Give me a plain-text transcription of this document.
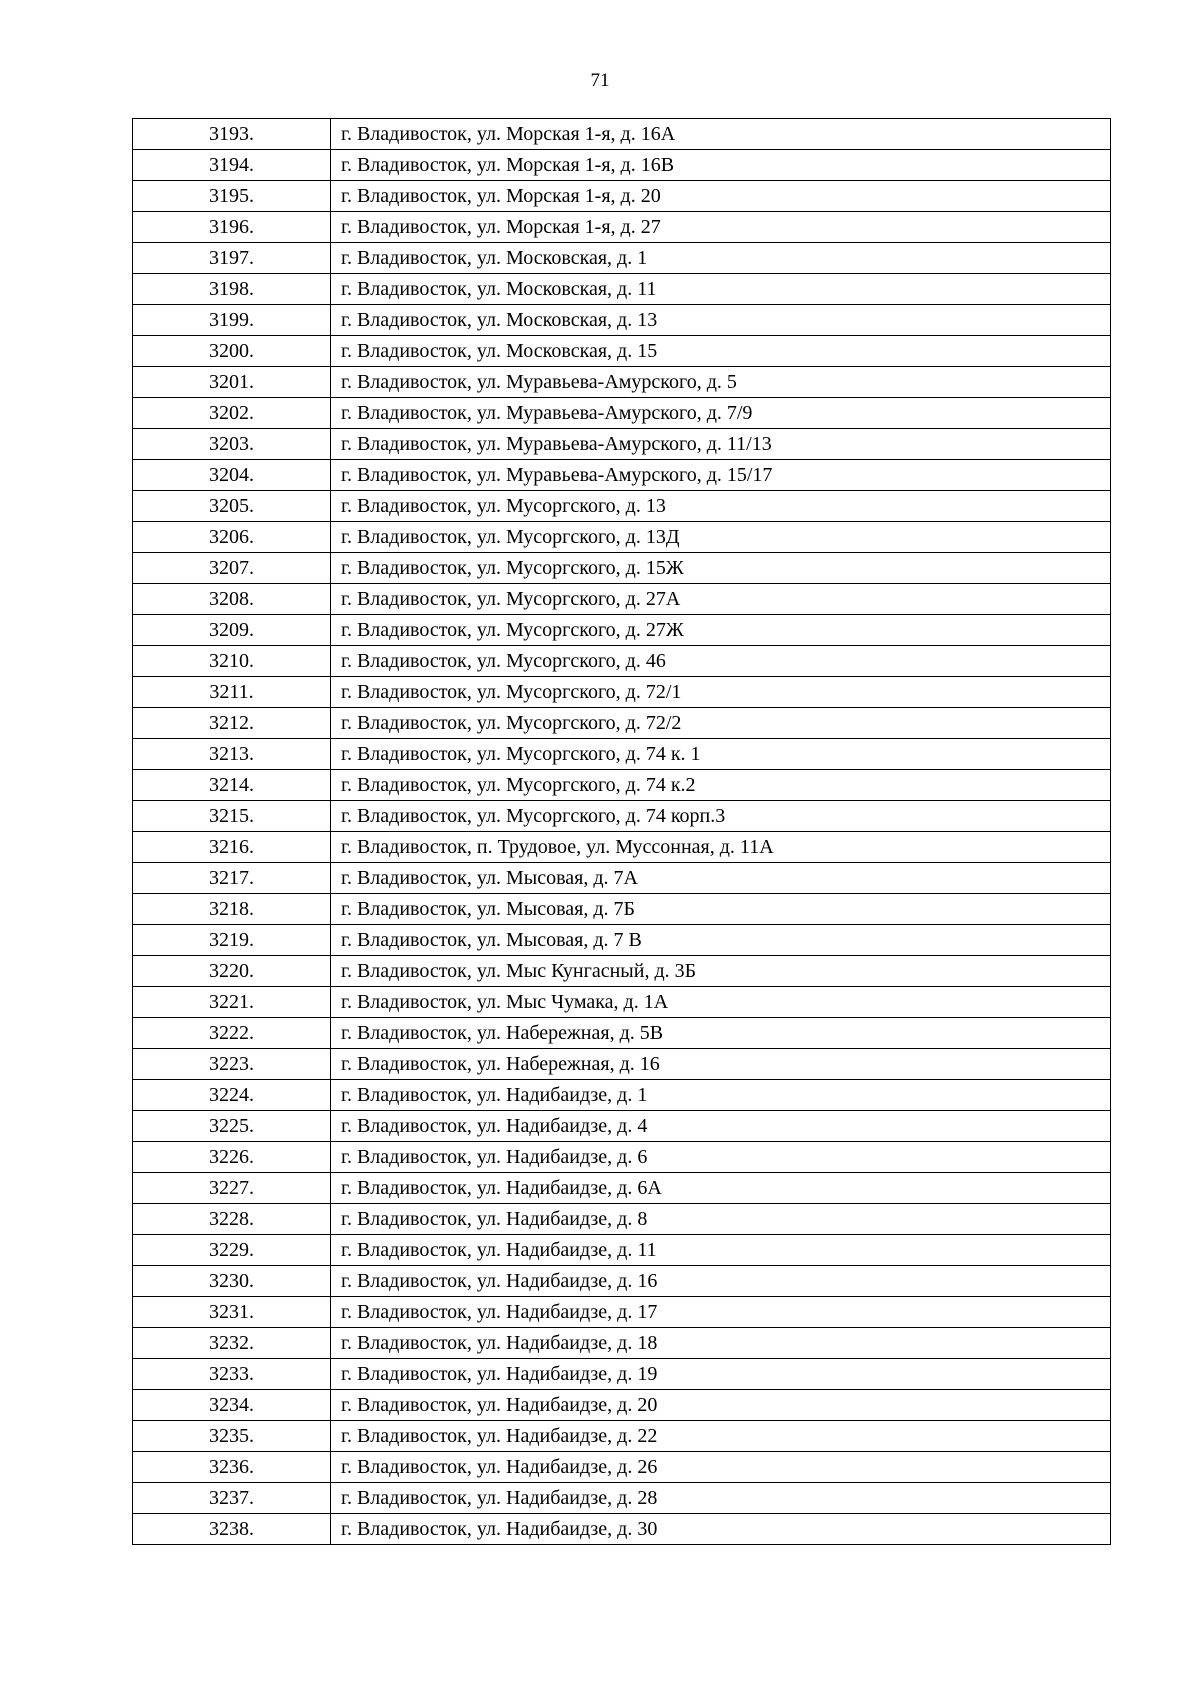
71
3193.	г. Владивосток, ул. Морская 1-я, д. 16А
3194.	г. Владивосток, ул. Морская 1-я, д. 16В
3195.	г. Владивосток, ул. Морская 1-я, д. 20
3196.	г. Владивосток, ул. Морская 1-я, д. 27
3197.	г. Владивосток, ул. Московская, д. 1
3198.	г. Владивосток, ул. Московская, д. 11
3199.	г. Владивосток, ул. Московская, д. 13
3200.	г. Владивосток, ул. Московская, д. 15
3201.	г. Владивосток, ул. Муравьева-Амурского, д. 5
3202.	г. Владивосток, ул. Муравьева-Амурского, д. 7/9
3203.	г. Владивосток, ул. Муравьева-Амурского, д. 11/13
3204.	г. Владивосток, ул. Муравьева-Амурского, д. 15/17
3205.	г. Владивосток, ул. Мусоргского, д. 13
3206.	г. Владивосток, ул. Мусоргского, д. 13Д
3207.	г. Владивосток, ул. Мусоргского, д. 15Ж
3208.	г. Владивосток, ул. Мусоргского, д. 27А
3209.	г. Владивосток, ул. Мусоргского, д. 27Ж
3210.	г. Владивосток, ул. Мусоргского, д. 46
3211.	г. Владивосток, ул. Мусоргского, д. 72/1
3212.	г. Владивосток, ул. Мусоргского, д. 72/2
3213.	г. Владивосток, ул. Мусоргского, д. 74 к. 1
3214.	г. Владивосток, ул. Мусоргского, д. 74 к.2
3215.	г. Владивосток, ул. Мусоргского, д. 74 корп.3
3216.	г. Владивосток, п. Трудовое, ул. Муссонная, д. 11А
3217.	г. Владивосток, ул. Мысовая, д. 7А
3218.	г. Владивосток, ул. Мысовая, д. 7Б
3219.	г. Владивосток, ул. Мысовая, д. 7 В
3220.	г. Владивосток, ул. Мыс Кунгасный, д. 3Б
3221.	г. Владивосток, ул. Мыс Чумака, д. 1А
3222.	г. Владивосток, ул. Набережная, д. 5В
3223.	г. Владивосток, ул. Набережная, д. 16
3224.	г. Владивосток, ул. Надибаидзе, д. 1
3225.	г. Владивосток, ул. Надибаидзе, д. 4
3226.	г. Владивосток, ул. Надибаидзе, д. 6
3227.	г. Владивосток, ул. Надибаидзе, д. 6А
3228.	г. Владивосток, ул. Надибаидзе, д. 8
3229.	г. Владивосток, ул. Надибаидзе, д. 11
3230.	г. Владивосток, ул. Надибаидзе, д. 16
3231.	г. Владивосток, ул. Надибаидзе, д. 17
3232.	г. Владивосток, ул. Надибаидзе, д. 18
3233.	г. Владивосток, ул. Надибаидзе, д. 19
3234.	г. Владивосток, ул. Надибаидзе, д. 20
3235.	г. Владивосток, ул. Надибаидзе, д. 22
3236.	г. Владивосток, ул. Надибаидзе, д. 26
3237.	г. Владивосток, ул. Надибаидзе, д. 28
3238.	г. Владивосток, ул. Надибаидзе, д. 30
